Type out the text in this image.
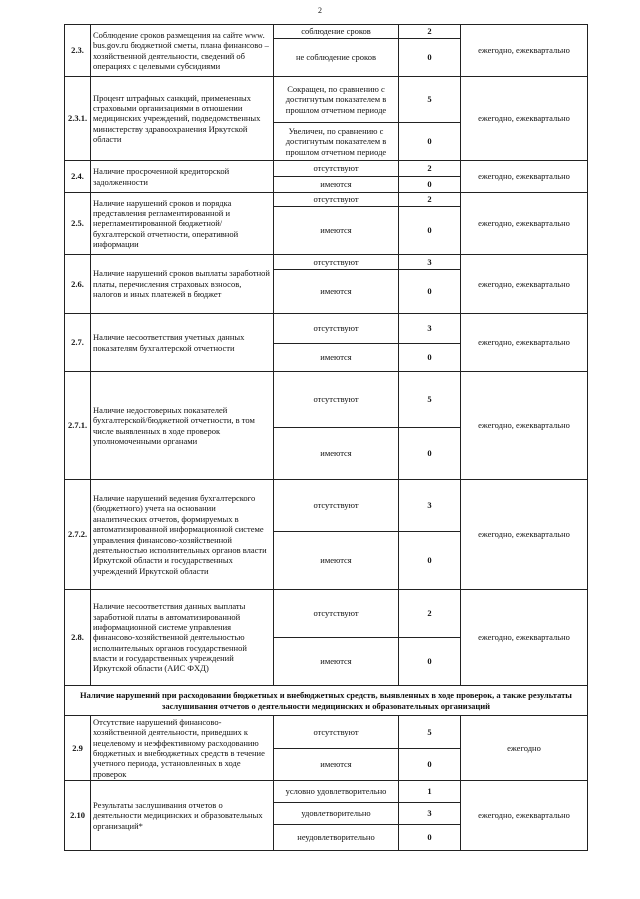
2
2.3.	Соблюдение сроков размещения на сайте www. bus.gov.ru бюджетной сметы, плана финансово – хозяйственной деятельности, сведений об операциях с целевыми субсидиями	соблюдение сроков	2	ежегодно, ежеквартально
		не соблюдение сроков	0	
2.3.1.	Процент штрафных санкций, примененных страховыми организациями в отношении медицинских учреждений, подведомственных министерству здравоохранения Иркутской области	Сокращен, по сравнению с достигнутым показателем в прошлом отчетном периоде	5	ежегодно, ежеквартально
		Увеличен, по сравнению с достигнутым показателем в прошлом отчетном периоде	0	
2.4.	Наличие просроченной кредиторской задолженности	отсутствуют	2	ежегодно, ежеквартально
		имеются	0	
2.5.	Наличие нарушений сроков и порядка представления регламентированной и нерегламентированной бюджетной/бухгалтерской отчетности, оперативной информации	отсутствуют	2	ежегодно, ежеквартально
		имеются	0	
2.6.	Наличие нарушений сроков выплаты заработной платы, перечисления страховых взносов, налогов и иных платежей в бюджет	отсутствуют	3	ежегодно, ежеквартально
		имеются	0	
2.7.	Наличие несоответствия учетных данных показателям бухгалтерской отчетности	отсутствуют	3	ежегодно, ежеквартально
		имеются	0	
2.7.1.	Наличие недостоверных показателей бухгалтерской/бюджетной отчетности, в том числе выявленных в ходе проверок уполномоченными органами	отсутствуют	5	ежегодно, ежеквартально
		имеются	0	
2.7.2.	Наличие нарушений ведения бухгалтерского (бюджетного) учета на основании аналитических отчетов, формируемых в автоматизированной информационной системе управления финансово-хозяйственной деятельностью исполнительных органов власти Иркутской области и государственных учреждений Иркутской области	отсутствуют	3	ежегодно, ежеквартально
		имеются	0	
2.8.	Наличие несоответствия данных выплаты заработной платы в автоматизированной информационной системе управления финансово-хозяйственной деятельностью исполнительных органов государственной власти и государственных учреждений Иркутской области (АИС ФХД)	отсутствуют	2	ежегодно, ежеквартально
		имеются	0	
Наличие нарушений при расходовании бюджетных и внебюджетных средств, выявленных в ходе проверок, а также результаты заслушивания отчетов о деятельности медицинских и образовательных организаций				
2.9	Отсутствие нарушений финансово-хозяйственной деятельности, приведших к нецелевому и неэффективному расходованию бюджетных и внебюджетных средств в течение учетного периода, установленных в ходе проверок	отсутствуют	5	ежегодно
		имеются	0	
2.10	Результаты заслушивания отчетов о деятельности медицинских и образовательных организаций*	условно удовлетворительно	1	ежегодно, ежеквартально
		удовлетворительно	3	
		неудовлетворительно	0	
